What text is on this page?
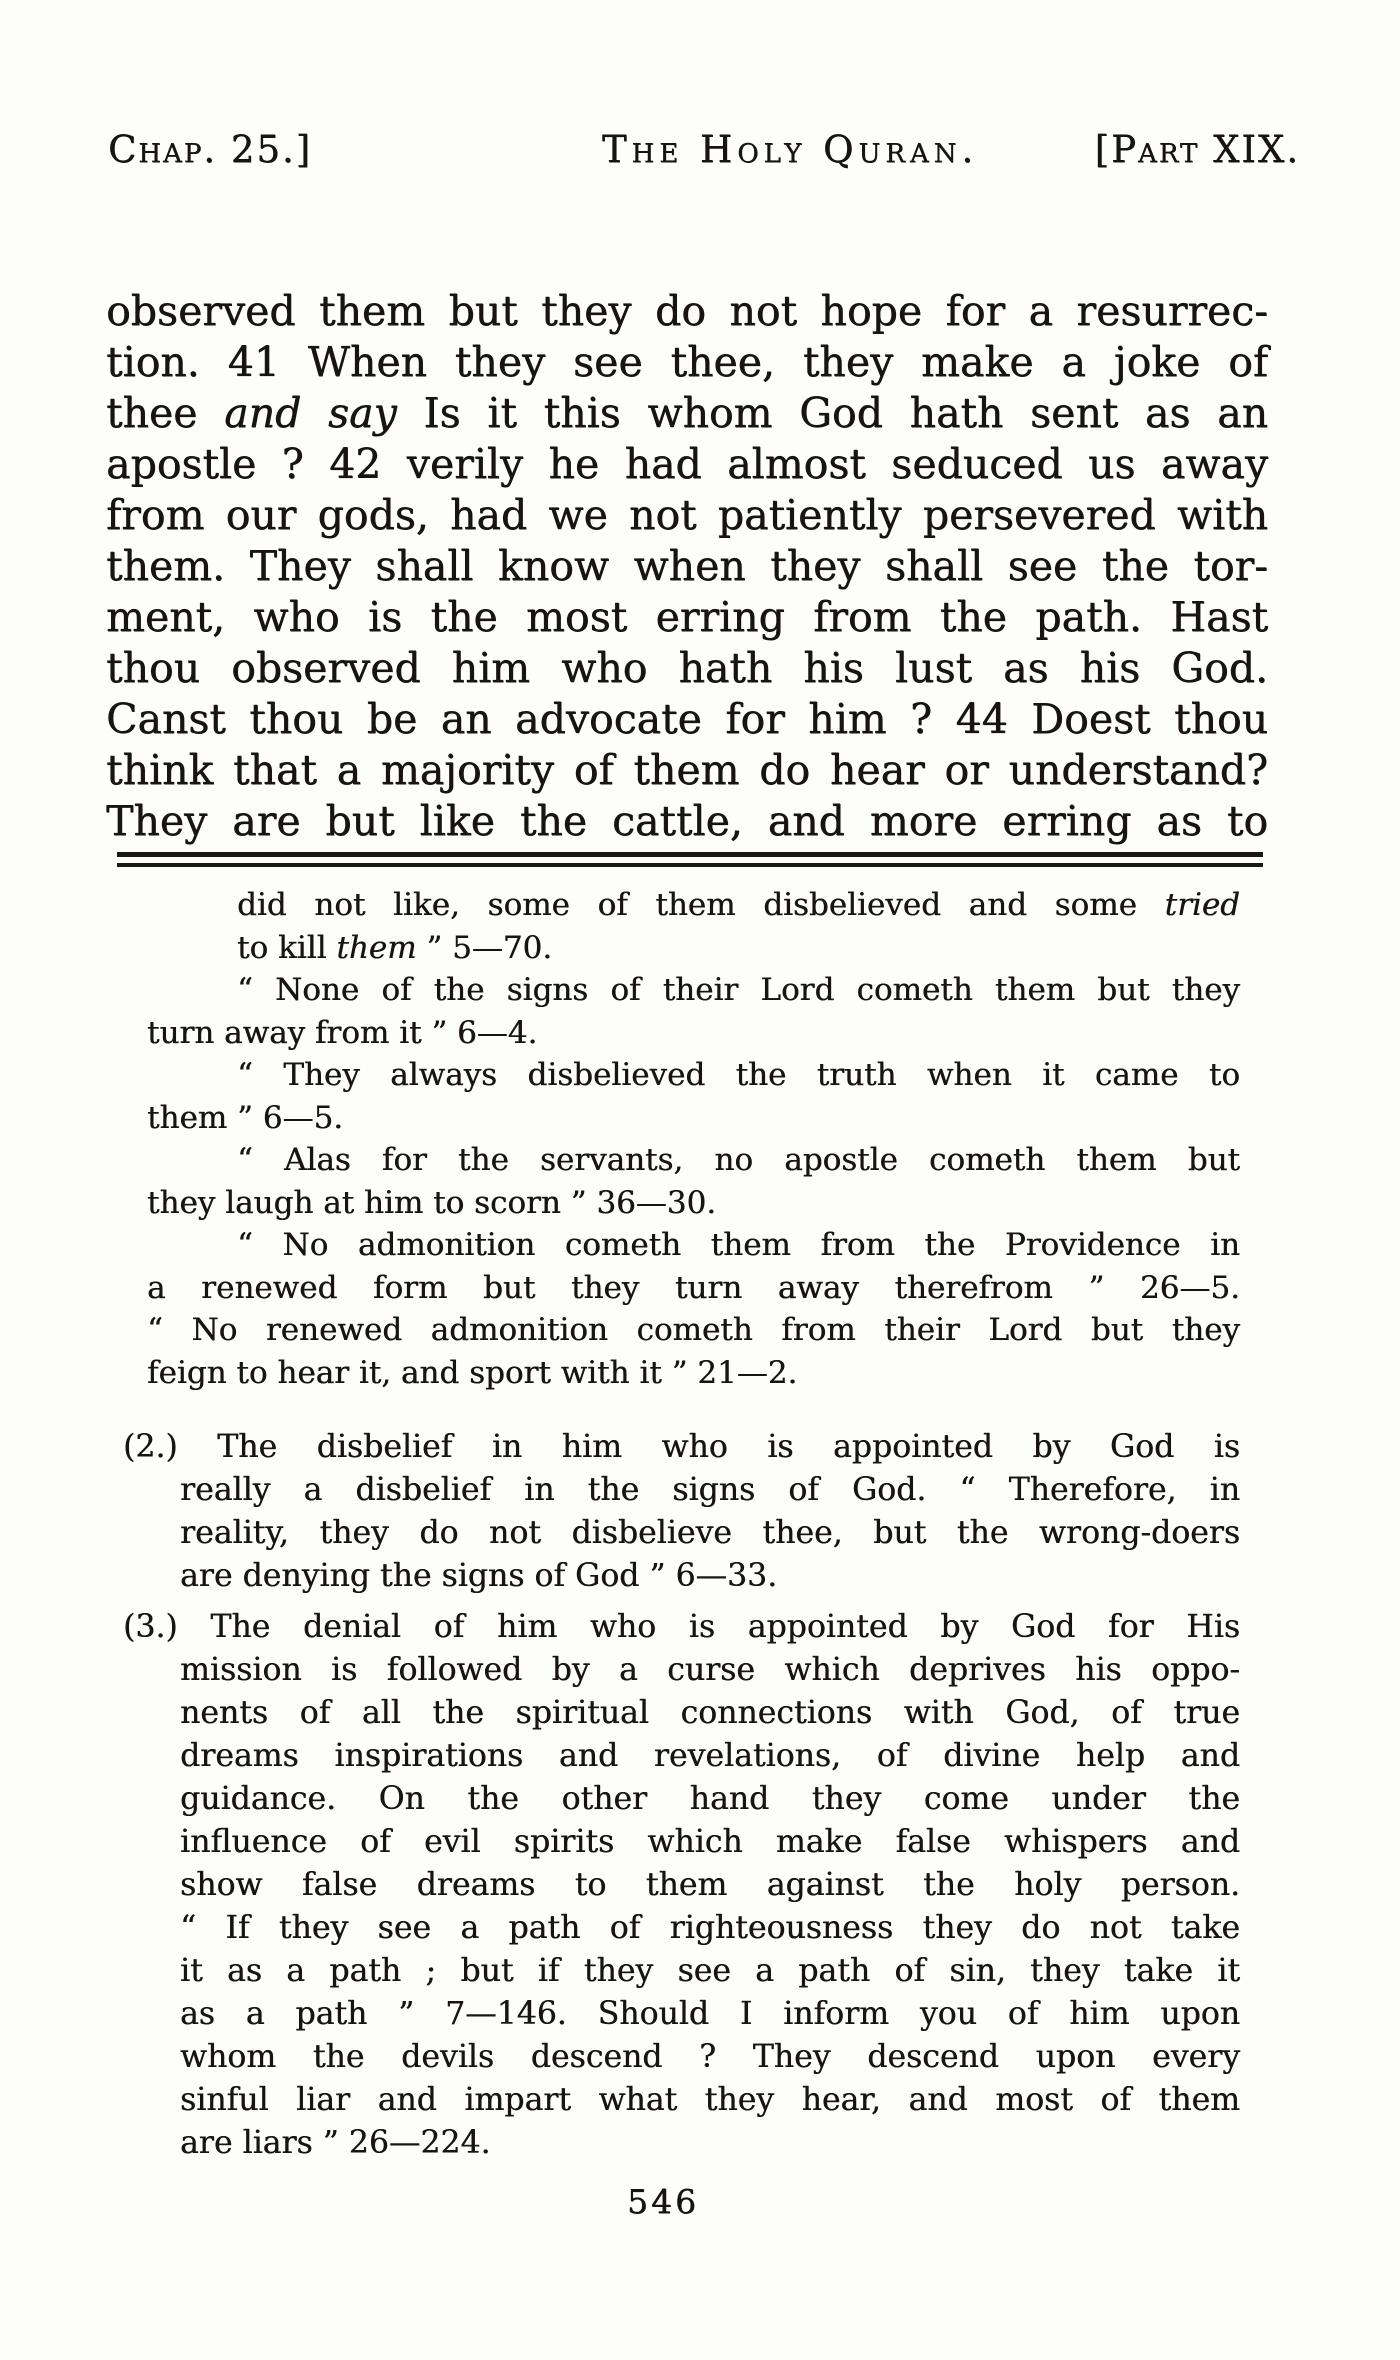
Chap. 25.]	The Holy Quran.	[Part XIX.
observed them but they do not hope for a resurrec-
tion. 41 When they see thee, they make a joke of
thee and say Is it this whom God hath sent as an
apostle ? 42 verily he had almost seduced us away
from our gods, had we not patiently persevered with
them. They shall know when they shall see the tor-
ment, who is the most erring from the path. Hast
thou observed him who hath his lust as his God.
Canst thou be an advocate for him ? 44 Doest thou
think that a majority of them do hear or understand?
They are but like the cattle, and more erring as to
did not like, some of them disbelieved and some tried
to kill them ” 5—70.
“ None of the signs of their Lord cometh them but they
turn away from it ” 6—4.
“ They always disbelieved the truth when it came to
them ” 6—5.
“ Alas for the servants, no apostle cometh them but
they laugh at him to scorn ” 36—30.
“ No admonition cometh them from the Providence in
a renewed form but they turn away therefrom ” 26—5.
“ No renewed admonition cometh from their Lord but they
feign to hear it, and sport with it ” 21—2.
(2.) The disbelief in him who is appointed by God is
really a disbelief in the signs of God. “ Therefore, in
reality, they do not disbelieve thee, but the wrong-doers
are denying the signs of God ” 6—33.
(3.) The denial of him who is appointed by God for His
mission is followed by a curse which deprives his oppo-
nents of all the spiritual connections with God, of true
dreams inspirations and revelations, of divine help and
guidance. On the other hand they come under the
influence of evil spirits which make false whispers and
show false dreams to them against the holy person.
“ If they see a path of righteousness they do not take
it as a path ; but if they see a path of sin, they take it
as a path ” 7—146. Should I inform you of him upon
whom the devils descend ? They descend upon every
sinful liar and impart what they hear, and most of them
are liars ” 26—224.
546
